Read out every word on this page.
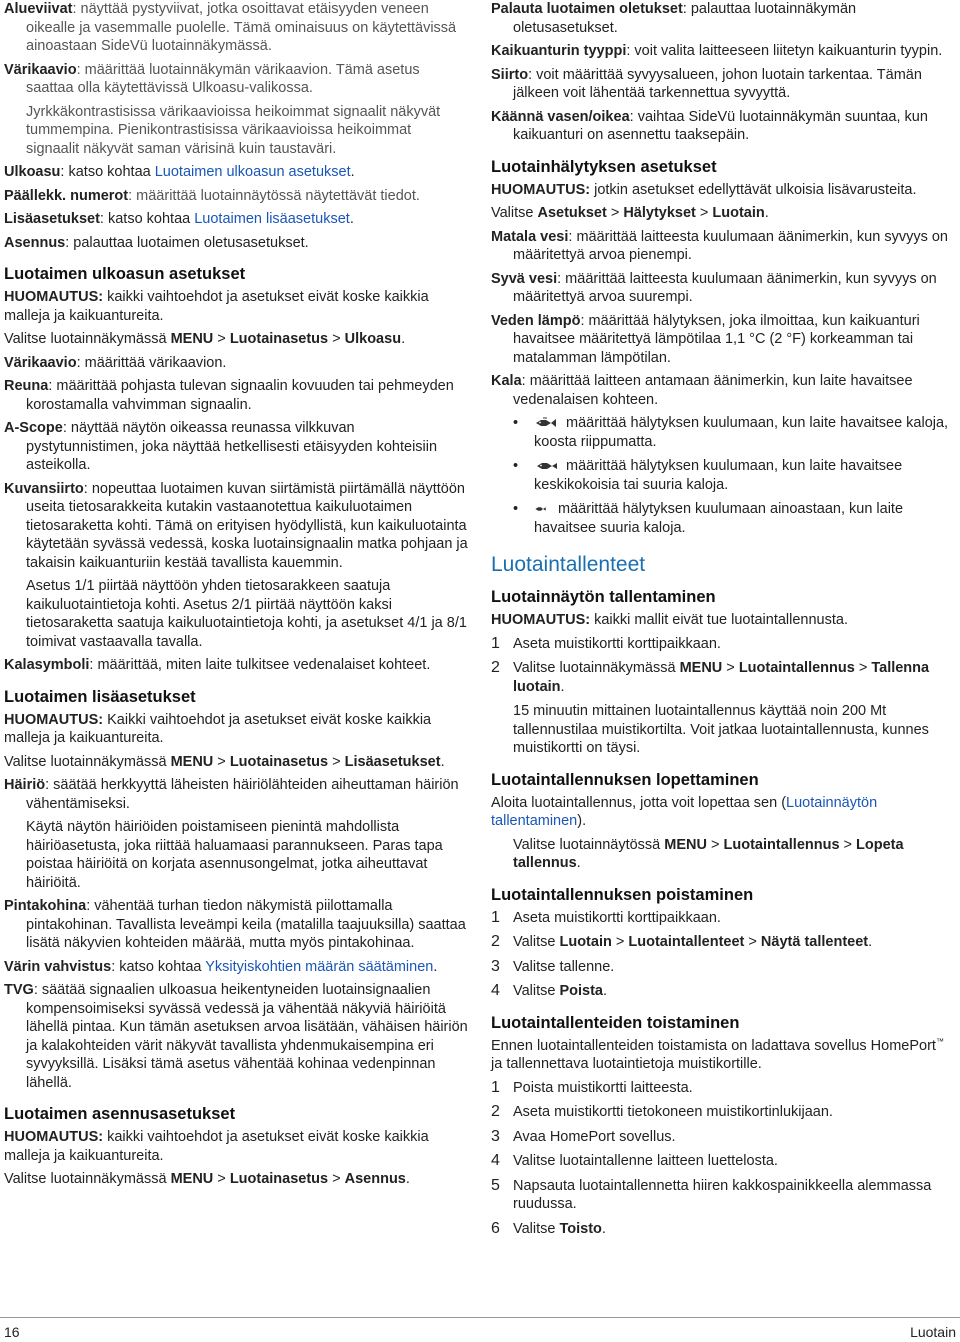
Alueviivat: näyttää pystyviivat, jotka osoittavat etäisyyden veneen oikealle ja vasemmalle puolelle. Tämä ominaisuus on käytettävissä ainoastaan SideVü luotainnäkymässä.

Värikaavio: määrittää luotainnäkymän värikaavion. Tämä asetus saattaa olla käytettävissä Ulkoasu-valikossa.

Jyrkkäkontrastisissa värikaavioissa heikoimmat signaalit näkyvät tummempina. Pienikontrastisissa värikaavioissa heikoimmat signaalit näkyvät saman värisinä kuin taustaväri.

Ulkoasu: katso kohtaa Luotaimen ulkoasun asetukset.

Päällekk. numerot: määrittää luotainnäytössä näytettävät tiedot.

Lisäasetukset: katso kohtaa Luotaimen lisäasetukset.

Asennus: palauttaa luotaimen oletusasetukset.

Luotaimen ulkoasun asetukset

HUOMAUTUS: kaikki vaihtoehdot ja asetukset eivät koske kaikkia malleja ja kaikuantureita.

Valitse luotainnäkymässä MENU > Luotainasetus > Ulkoasu.

Värikaavio: määrittää värikaavion.

Reuna: määrittää pohjasta tulevan signaalin kovuuden tai pehmeyden korostamalla vahvimman signaalin.

A-Scope: näyttää näytön oikeassa reunassa vilkkuvan pystytunnistimen, joka näyttää hetkellisesti etäisyyden kohteisiin asteikolla.

Kuvansiirto: nopeuttaa luotaimen kuvan siirtämistä piirtämällä näyttöön useita tietosarakkeita kutakin vastaanotettua kaikuluotaimen tietosaraketta kohti. Tämä on erityisen hyödyllistä, kun kaikuluotainta käytetään syvässä vedessä, koska luotainsignaalin matka pohjaan ja takaisin kaikuanturiin kestää tavallista kauemmin.

Asetus 1/1 piirtää näyttöön yhden tietosarakkeen saatuja kaikuluotaintietoja kohti. Asetus 2/1 piirtää näyttöön kaksi tietosaraketta saatuja kaikuluotaintietoja kohti, ja asetukset 4/1 ja 8/1 toimivat vastaavalla tavalla.

Kalasymboli: määrittää, miten laite tulkitsee vedenalaiset kohteet.

Luotaimen lisäasetukset

HUOMAUTUS: Kaikki vaihtoehdot ja asetukset eivät koske kaikkia malleja ja kaikuantureita.

Valitse luotainnäkymässä MENU > Luotainasetus > Lisäasetukset.

Häiriö: säätää herkkyyttä läheisten häiriölähteiden aiheuttaman häiriön vähentämiseksi.

Käytä näytön häiriöiden poistamiseen pienintä mahdollista häiriöasetusta, joka riittää haluamaasi parannukseen. Paras tapa poistaa häiriöitä on korjata asennusongelmat, jotka aiheuttavat häiriöitä.

Pintakohina: vähentää turhan tiedon näkymistä piilottamalla pintakohinan. Tavallista leveämpi keila (matalilla taajuuksilla) saattaa lisätä näkyvien kohteiden määrää, mutta myös pintakohinaa.

Värin vahvistus: katso kohtaa Yksityiskohtien määrän säätäminen.

TVG: säätää signaalien ulkoasua heikentyneiden luotainsignaalien kompensoimiseksi syvässä vedessä ja vähentää näkyviä häiriöitä lähellä pintaa. Kun tämän asetuksen arvoa lisätään, vähäisen häiriön ja kalakohteiden värit näkyvät tavallista yhdenmukaisempina eri syvyyksillä. Lisäksi tämä asetus vähentää kohinaa vedenpinnan lähellä.

Luotaimen asennusasetukset

HUOMAUTUS: kaikki vaihtoehdot ja asetukset eivät koske kaikkia malleja ja kaikuantureita.

Valitse luotainnäkymässä MENU > Luotainasetus > Asennus.

Palauta luotaimen oletukset: palauttaa luotainnäkymän oletusasetukset.

Kaikuanturin tyyppi: voit valita laitteeseen liitetyn kaikuanturin tyypin.

Siirto: voit määrittää syvyysalueen, johon luotain tarkentaa. Tämän jälkeen voit lähentää tarkennettua syvyyttä.

Käännä vasen/oikea: vaihtaa SideVü luotainnäkymän suuntaa, kun kaikuanturi on asennettu taaksepäin.

Luotainhälytyksen asetukset

HUOMAUTUS: jotkin asetukset edellyttävät ulkoisia lisävarusteita.

Valitse Asetukset > Hälytykset > Luotain.

Matala vesi: määrittää laitteesta kuulumaan äänimerkin, kun syvyys on määritettyä arvoa pienempi.

Syvä vesi: määrittää laitteesta kuulumaan äänimerkin, kun syvyys on määritettyä arvoa suurempi.

Veden lämpö: määrittää hälytyksen, joka ilmoittaa, kun kaikuanturi havaitsee määritettyä lämpötilaa 1,1 °C (2 °F) korkeamman tai matalamman lämpötilan.

Kala: määrittää laitteen antamaan äänimerkin, kun laite havaitsee vedenalaisen kohteen.

•	määrittää hälytyksen kuulumaan, kun laite havaitsee kaloja, koosta riippumatta.
•	määrittää hälytyksen kuulumaan, kun laite havaitsee keskikokoisia tai suuria kaloja.
• määrittää hälytyksen kuulumaan ainoastaan, kun laite havaitsee suuria kaloja.
Luotaintallenteet
Luotainnäytön tallentaminen

HUOMAUTUS: kaikki mallit eivät tue luotaintallennusta.

1 Aseta muistikortti korttipaikkaan.
2 Valitse luotainnäkymässä MENU > Luotaintallennus > Tallenna luotain.

15 minuutin mittainen luotaintallennus käyttää noin 200 Mt tallennustilaa muistikortilta. Voit jatkaa luotaintallennusta, kunnes muistikortti on täysi.

Luotaintallennuksen lopettaminen

Aloita luotaintallennus, jotta voit lopettaa sen (Luotainnäytön tallentaminen).

Valitse luotainnäytössä MENU > Luotaintallennus > Lopeta tallennus.

Luotaintallennuksen poistaminen
1 Aseta muistikortti korttipaikkaan.
2 Valitse Luotain > Luotaintallenteet > Näytä tallenteet.
3 Valitse tallenne.
4 Valitse Poista.
Luotaintallenteiden toistaminen

Ennen luotaintallenteiden toistamista on ladattava sovellus HomePort™ ja tallennettava luotaintietoja muistikortille.

1 Poista muistikortti laitteesta.
2 Aseta muistikortti tietokoneen muistikortinlukijaan.
3 Avaa HomePort sovellus.
4 Valitse luotaintallenne laitteen luettelosta.
5 Napsauta luotaintallennetta hiiren kakkospainikkeella alemmassa ruudussa.
6 Valitse Toisto.
16	Luotain
